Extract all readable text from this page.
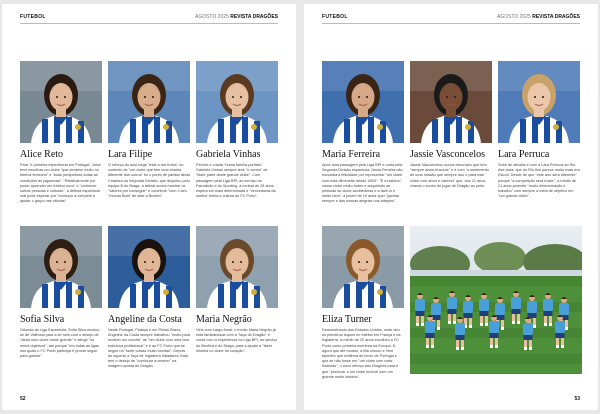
FUTEBOL	AGOSTO 2025 REVISTA DRAGÕES
Alice Reto
Para "a primeira experiência em Portugal", Alice teve escolhas um clube "que também muito no futebol feminino" e "boas perspetivas todas as condições às jogadoras". "Relativamente por poder aprender um futebol novo" e "conhecer outras pessoas e culturas", a defesa espanhola mal pode esperar por "começar a competir e ajudar o grupo nas vitórias".
Lara Filipe
O reforço do azul-bege "está a dar frutos" no contexto de "um clube que tem uma chama diferente dos outros" foi o ponto de partida desta Criadora da Segunda Divisão, que disputou pelo equipa B do Braga, a lateral ouvirá mostrar os "valores por conseguir" e contribuir "com o seu "mundo Bola" de sitar a Braven".
Gabriela Vinhas
Perrota e criada "numa família portista", Gabriela Vinhas sempre teve "o sonho" de "fazer parte deste grande clube". Com passagem pela Liga BPI, ao serviço do Famalicão e do Sporting, a central de 28 anos espera ser mais determinada e "vencedoras da melhor forma a cultura do FC Porto".
Sofia Silva
Oriunda da Liga Espanhola, Sofia Silva mudou-se de Valência para a ter seis com o desejo de "atuar num clube muito grande" e atingir "os meus objetivos", até porque "em todas as ligas nos quais o FC Porto participa é provar seguir para ganhar".
Angeline da Costa
Neste Portugal, Plataça é um Pelotú Bravo, Angeline da Costa sempre trabalhou "muito para receber um convite" de "um clube com uma boa estrutura profissional" e é ao FC Porto que se segue na "fazer coisas muito bonitas". Depois de superar a Taça de Inglaterra Valadares Gaia, tem o desejo de "continuar a crescer" na imagem oposta do Dragão.
Maria Negrão
Viria com Largo Amal, o médio Maria Negrão já está familiarizada com a "taça do Dragão" e conta com a experiência na Liga BPI, ao serviço do Benfica e do Braga, para a ajudar a "fazer história no clube do coração".
52
FUTEBOL	AGOSTO 2025 REVISTA DRAGÕES
Maria Ferreira
Após uma passagem pela Liga BPI e outra pela Segunda Divisão espanhola, Maria Ferreira não escondia a felicidade por representar "um clube com esta dimensão desde 1893". "É a história," nesse clube muito fortes e adquirindo as pessoas do clube acolhedoras e a fazê-lo e muito bem", a jovem de 19 anos quer "ganhar sempre e das nossas alegrias nos adeptos".
Jassie Vasconcelos
Jassie Vasconcelos nunca escondeu que tem "sempre azuis-brancos" e é com "o sentimento de uma missão que sempre dou o para este clube com amor e carinho" que, aos 21 anos, chama o sonho de jogar de Dragão ao peito.
Lara Perruca
Sobe de década e com a Lara Perruca do Rio Ave vista, que do Rio Ave parece muito mais era Estoril. Desde de que "este ano será diferente" porque "a competição será maior", a médio de 21 anos promete "muito determinação e trabalho" com sempre a meta de objetivo em "um grande clube".
Eliza Turner
Demonstrando dos Estados Unidos, onde deu os primeiros toques no futebol em França e na Inglaterra, a médio de 20 anos escolheu o FC Porto como primeira aventura na Europa. E, agora que até mudou, a Bia chorou e Vem também que reafirma de início de Portugal e que se não fosse em "um clube com mais histórias", o novo reforço dos Dragões para é que "provocar a um clube incrível com um grande muito história".
53
